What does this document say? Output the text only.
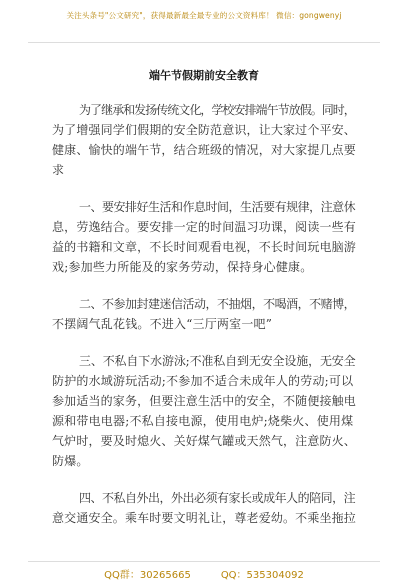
关注头条号"公文研究"，获得最新最全最专业的公文资料库！ 微信：gongwenyj
端午节假期前安全教育
为了继承和发扬传统文化，学校安排端午节放假。同时，
为了增强同学们假期的安全防范意识，让大家过个平安、
健康、愉快的端午节，结合班级的情况，对大家提几点要
求
一、要安排好生活和作息时间，生活要有规律，注意休
息，劳逸结合。要安排一定的时间温习功课，阅读一些有
益的书籍和文章，不长时间观看电视，不长时间玩电脑游
戏;参加些力所能及的家务劳动，保持身心健康。
二、不参加封建迷信活动，不抽烟，不喝酒，不赌博，
不摆阔气乱花钱。不进入“三厅两室一吧”
三、不私自下水游泳;不准私自到无安全设施，无安全
防护的水域游玩活动;不参加不适合未成年人的劳动;可以
参加适当的家务，但要注意生活中的安全，不随便接触电
源和带电电器;不私自接电源，使用电炉;烧柴火、使用煤
气炉时，要及时熄火、关好煤气罐或天然气，注意防火、
防爆。
四、不私自外出，外出必须有家长或成年人的陪同，注
意交通安全。乘车时要文明礼让，尊老爱幼。不乘坐拖拉
QQ群：30265665	QQ：535304092
